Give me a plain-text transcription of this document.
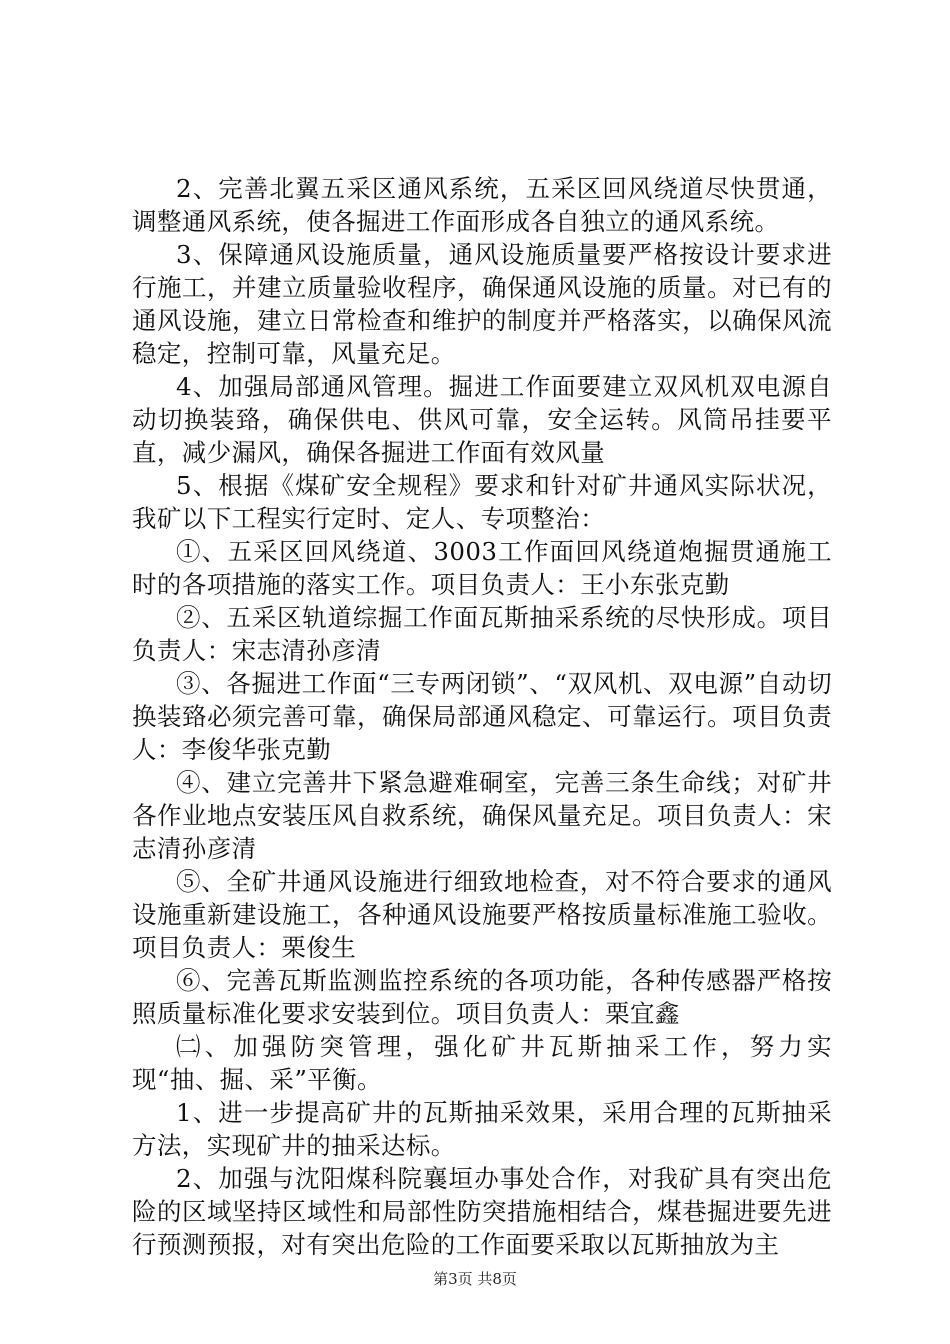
2、完善北翼五采区通风系统，五采区回风绕道尽快贯通，调整通风系统，使各掘进工作面形成各自独立的通风系统。

3、保障通风设施质量，通风设施质量要严格按设计要求进行施工，并建立质量验收程序，确保通风设施的质量。对已有的通风设施，建立日常检查和维护的制度并严格落实，以确保风流稳定，控制可靠，风量充足。

4、加强局部通风管理。掘进工作面要建立双风机双电源自动切换装臵，确保供电、供风可靠，安全运转。风筒吊挂要平直，减少漏风，确保各掘进工作面有效风量

5、根据《煤矿安全规程》要求和针对矿井通风实际状况，我矿以下工程实行定时、定人、专项整治：

①、五采区回风绕道、3003工作面回风绕道炮掘贯通施工时的各项措施的落实工作。项目负责人：王小东张克勤

②、五采区轨道综掘工作面瓦斯抽采系统的尽快形成。项目负责人：宋志清孙彦清

③、各掘进工作面“三专两闭锁”、“双风机、双电源”自动切换装臵必须完善可靠，确保局部通风稳定、可靠运行。项目负责人：李俊华张克勤

④、建立完善井下紧急避难硐室，完善三条生命线；对矿井各作业地点安装压风自救系统，确保风量充足。项目负责人：宋志清孙彦清

⑤、全矿井通风设施进行细致地检查，对不符合要求的通风设施重新建设施工，各种通风设施要严格按质量标准施工验收。项目负责人：栗俊生

⑥、完善瓦斯监测监控系统的各项功能，各种传感器严格按照质量标准化要求安装到位。项目负责人：栗宜鑫

㈡、加强防突管理，强化矿井瓦斯抽采工作，努力实现“抽、掘、采”平衡。

1、进一步提高矿井的瓦斯抽采效果，采用合理的瓦斯抽采方法，实现矿井的抽采达标。

2、加强与沈阳煤科院襄垣办事处合作，对我矿具有突出危险的区域坚持区域性和局部性防突措施相结合，煤巷掘进要先进行预测预报，对有突出危险的工作面要采取以瓦斯抽放为主

第3页 共8页
